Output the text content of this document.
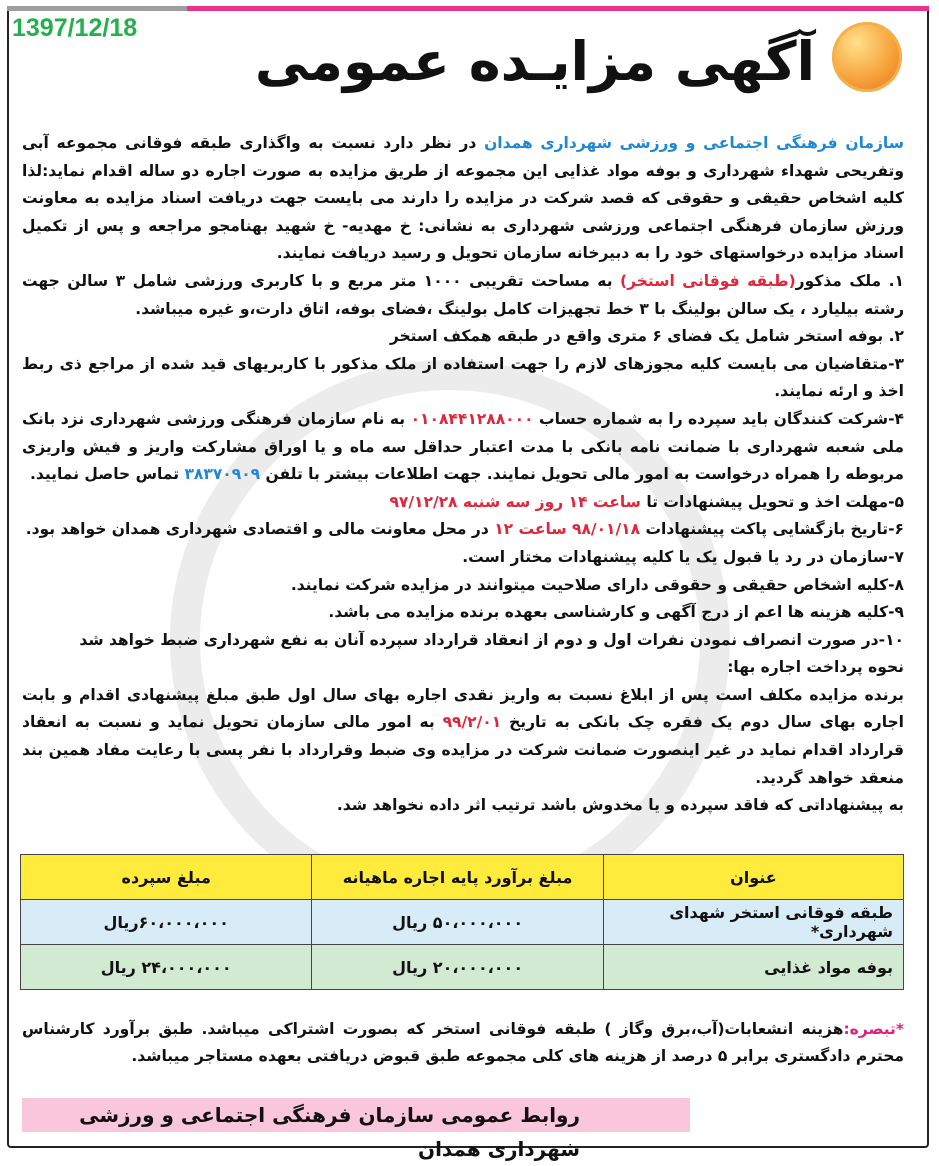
1397/12/18
آگهی مزایـده عمومی

سازمان فرهنگی اجتماعی و ورزشی شهرداری همدان در نظر دارد نسبت به واگذاری طبقه فوقانی مجموعه آبی وتفریحی شهداء شهرداری و بوفه مواد غذایی این مجموعه از طریق مزایده به صورت اجاره دو ساله اقدام نماید:لذا کلیه اشخاص حقیقی و حقوقی که قصد شرکت در مزایده را دارند می بایست جهت دریافت اسناد مزایده به معاونت ورزش سازمان فرهنگی اجتماعی ورزشی شهرداری به نشانی: خ مهدیه- خ شهید بهنامجو مراجعه و پس از تکمیل اسناد مزایده درخواستهای خود را به دبیرخانه سازمان تحویل و رسید دریافت نمایند.

۱. ملک مذکور(طبقه فوقانی استخر) به مساحت تقریبی ۱۰۰۰ متر مربع و با کاربری ورزشی شامل ۳ سالن جهت رشته بیلیارد ، یک سالن بولینگ با ۳ خط تجهیزات کامل بولینگ ،فضای بوفه، اتاق دارت،و غیره میباشد.

۲. بوفه استخر شامل یک فضای ۶ متری واقع در طبقه همکف استخر

۳-متقاضیان می بایست کلیه مجوزهای لازم را جهت استفاده از ملک مذکور با کاربریهای قید شده از مراجع ذی ربط اخذ و ارئه نمایند.

۴-شرکت کنندگان باید سپرده را به شماره حساب ۰۱۰۸۴۴۱۲۸۸۰۰۰ به نام سازمان فرهنگی ورزشی شهرداری نزد بانک ملی شعبه شهرداری با ضمانت نامه بانکی با مدت اعتبار حداقل سه ماه و یا اوراق مشارکت واریز و فیش واریزی مربوطه را همراه درخواست به امور مالی تحویل نمایند. جهت اطلاعات بیشتر با تلفن ۳۸۳۷۰۹۰۹ تماس حاصل نمایید.

۵-مهلت اخذ و تحویل پیشنهادات تا ساعت ۱۴ روز سه شنبه ۹۷/۱۲/۲۸

۶-تاریخ بازگشایی پاکت پیشنهادات ۹۸/۰۱/۱۸ ساعت ۱۲ در محل معاونت مالی و اقتصادی شهرداری همدان خواهد بود.

۷-سازمان در رد یا قبول یک یا کلیه پیشنهادات مختار است.

۸-کلیه اشخاص حقیقی و حقوقی دارای صلاحیت میتوانند در مزایده شرکت نمایند.

۹-کلیه هزینه ها اعم از درج آگهی و کارشناسی بعهده برنده مزایده می باشد.

۱۰-در صورت انصراف نمودن نفرات اول و دوم از انعقاد قرارداد سپرده آنان به نفع شهرداری ضبط خواهد شد

نحوه پرداخت اجاره بها:

برنده مزایده مکلف است پس از ابلاغ نسبت به واریز نقدی اجاره بهای سال اول طبق مبلغ پیشنهادی اقدام و بابت اجاره بهای سال دوم یک فقره چک بانکی به تاریخ ۹۹/۲/۰۱ به امور مالی سازمان تحویل نماید و نسبت به انعقاد قرارداد اقدام نماید در غیر اینصورت ضمانت شرکت در مزایده وی ضبط وقرارداد با نفر پسی با رعایت مفاد همین بند منعقد خواهد گردید.

به پیشنهاداتی که فاقد سپرده و یا مخدوش باشد ترتیب اثر داده نخواهد شد.

عنوان	مبلغ برآورد پایه اجاره ماهیانه	مبلغ سپرده
طبقه فوقانی استخر شهدای شهرداری*	۵۰،۰۰۰،۰۰۰ ریال	۶۰،۰۰۰،۰۰۰ریال
بوفه مواد غذایی	۲۰،۰۰۰،۰۰۰ ریال	۲۴،۰۰۰،۰۰۰ ریال
*تبصره:هزینه انشعابات(آب،برق وگاز ) طبقه فوقانی استخر که بصورت اشتراکی میباشد. طبق برآورد کارشناس محترم دادگستری برابر ۵ درصد از هزینه های کلی مجموعه طبق قبوض دریافتی بعهده مستاجر میباشد.
روابط عمومی سازمان فرهنگی اجتماعی و ورزشی شهرداری همدان
